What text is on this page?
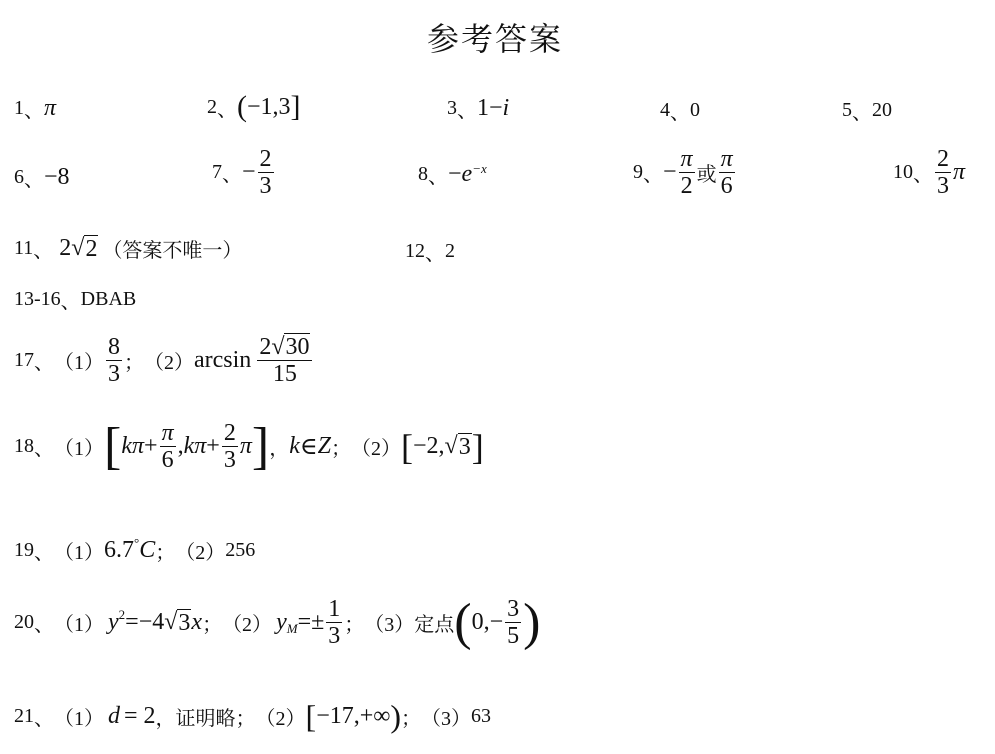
参考答案
1 、 π	2 、 ( −1,3 ]	3 、 1− i	4 、 0	5 、 20
6 、 −8	7 、 − $\frac{2}{3}$	8 、 − e −x	9 、 − $\frac{\pi}{2}$ 或 $\frac{\pi}{6}$	10 、 $\frac{2}{3}$ π
11 、 2 √ 2 （答案不唯一）	12 、 2
13-16 、 DBAB
17 、 $(1) \frac{8}{3}$ ； （2） $\arcsin \frac{2√30}{15}$
18 、 （1） [ $k\pi + \frac{\pi}{6}$ , $k\pi + \frac{2}{3}$ π ] ， k ∈ Z ； （2） [ −2, √ 3 ]
19 、 （1） 6.7 ° C ； （2） 256
20 、 （1） y 2 =−4 √ 3 x ； （2） y $M =\pm \frac{1}{3}$ ； （3） 定点 ( $0,- \frac{3}{5}$ )
21 、 （1） d = 2 ，证明略； （2） [ −17,+∞ ) ； （3） 63
